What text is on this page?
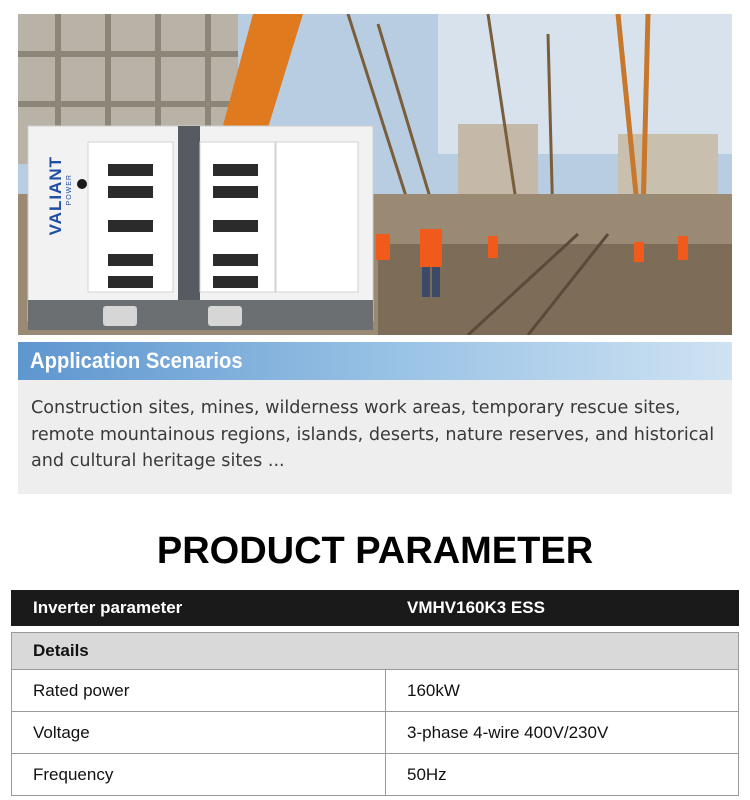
VALIANT POWER
Application Scenarios

Construction sites, mines, wilderness work areas, temporary rescue sites, remote mountainous regions, islands, deserts, nature reserves, and historical and cultural heritage sites ...

PRODUCT PARAMETER
Inverter parameter	VMHV160K3 ESS

Details	
Rated power	160kW
Voltage	3-phase 4-wire 400V/230V
Frequency	50Hz
